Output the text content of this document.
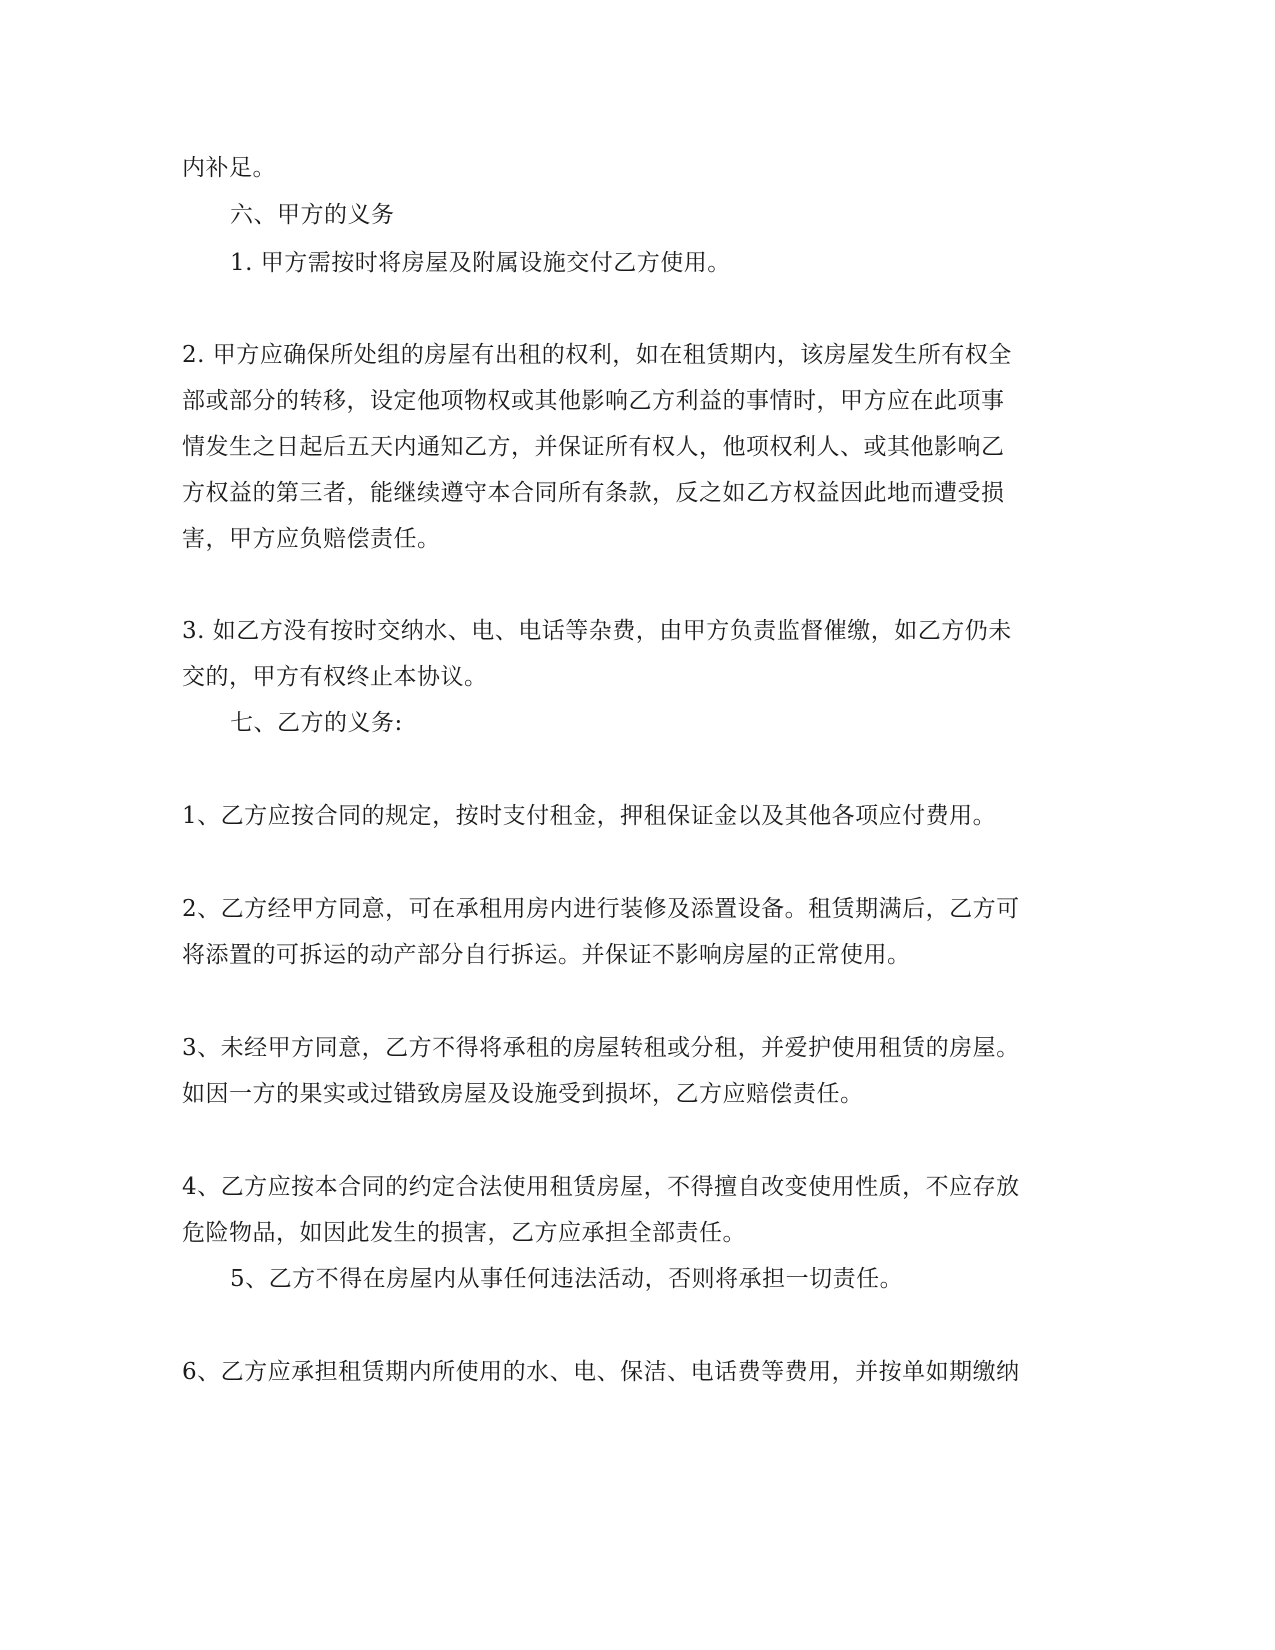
内补足。
六、甲方的义务
1. 甲方需按时将房屋及附属设施交付乙方使用。
2. 甲方应确保所处组的房屋有出租的权利，如在租赁期内，该房屋发生所有权全
部或部分的转移，设定他项物权或其他影响乙方利益的事情时，甲方应在此项事
情发生之日起后五天内通知乙方，并保证所有权人，他项权利人、或其他影响乙
方权益的第三者，能继续遵守本合同所有条款，反之如乙方权益因此地而遭受损
害，甲方应负赔偿责任。
3. 如乙方没有按时交纳水、电、电话等杂费，由甲方负责监督催缴，如乙方仍未
交的，甲方有权终止本协议。
七、乙方的义务:
1、乙方应按合同的规定，按时支付租金，押租保证金以及其他各项应付费用。
2、乙方经甲方同意，可在承租用房内进行装修及添置设备。租赁期满后，乙方可
将添置的可拆运的动产部分自行拆运。并保证不影响房屋的正常使用。
3、未经甲方同意，乙方不得将承租的房屋转租或分租，并爱护使用租赁的房屋。
如因一方的果实或过错致房屋及设施受到损坏，乙方应赔偿责任。
4、乙方应按本合同的约定合法使用租赁房屋，不得擅自改变使用性质，不应存放
危险物品，如因此发生的损害，乙方应承担全部责任。
5、乙方不得在房屋内从事任何违法活动，否则将承担一切责任。
6、乙方应承担租赁期内所使用的水、电、保洁、电话费等费用，并按单如期缴纳
